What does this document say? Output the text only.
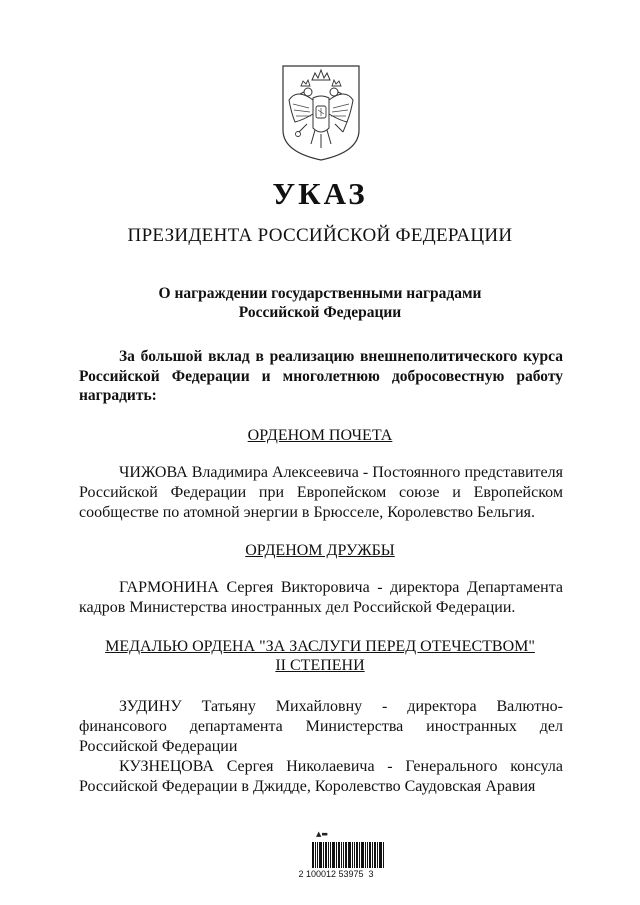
УКАЗ
ПРЕЗИДЕНТА РОССИЙСКОЙ ФЕДЕРАЦИИ
О награждении государственными наградами
Российской Федерации
За большой вклад в реализацию внешнеполитического курса Российской Федерации и многолетнюю добросовестную работу наградить:
ОРДЕНОМ ПОЧЕТА
ЧИЖОВА Владимира Алексеевича - Постоянного представителя Российской Федерации при Европейском союзе и Европейском сообществе по атомной энергии в Брюсселе, Королевство Бельгия.
ОРДЕНОМ ДРУЖБЫ
ГАРМОНИНА Сергея Викторовича - директора Департамента кадров Министерства иностранных дел Российской Федерации.
МЕДАЛЬЮ ОРДЕНА "ЗА ЗАСЛУГИ ПЕРЕД ОТЕЧЕСТВОМ"
II СТЕПЕНИ
ЗУДИНУ Татьяну Михайловну - директора Валютно-финансового департамента Министерства иностранных дел Российской Федерации
КУЗНЕЦОВА Сергея Николаевича - Генерального консула Российской Федерации в Джидде, Королевство Саудовская Аравия
▲▬
2 100012 53975  3
